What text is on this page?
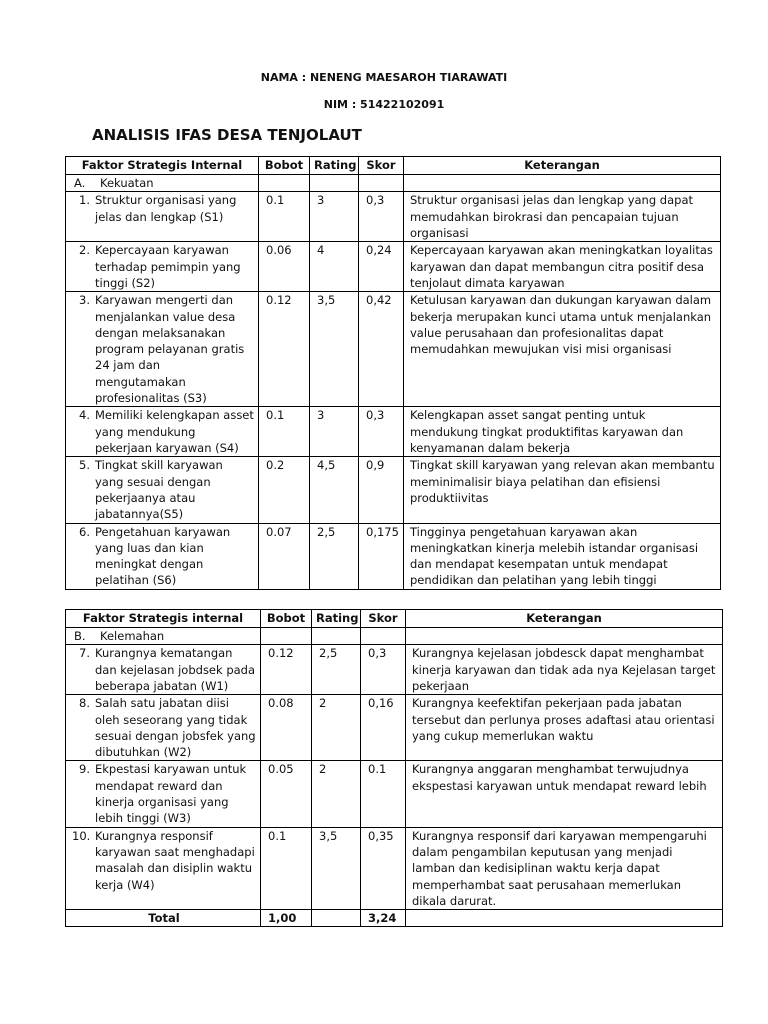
NAMA : NENENG MAESAROH TIARAWATI
NIM : 51422102091
ANALISIS IFAS DESA TENJOLAUT
Faktor Strategis Internal	Bobot	Rating	Skor	Keterangan
A. Kekuatan				

1. Struktur organisasi yang jelas dan lengkap (S1)	0.1	3	0,3	Struktur organisasi jelas dan lengkap yang dapat memudahkan birokrasi dan pencapaian tujuan organisasi

2. Kepercayaan karyawan terhadap pemimpin yang tinggi (S2)	0.06	4	0,24	Kepercayaan karyawan akan meningkatkan loyalitas karyawan dan dapat membangun citra positif desa tenjolaut dimata karyawan

3. Karyawan mengerti dan menjalankan value desa dengan melaksanakan program pelayanan gratis 24 jam dan mengutamakan profesionalitas (S3)	0.12	3,5	0,42	Ketulusan karyawan dan dukungan karyawan dalam bekerja merupakan kunci utama untuk menjalankan value perusahaan dan profesionalitas dapat memudahkan mewujukan visi misi organisasi

4. Memiliki kelengkapan asset yang mendukung pekerjaan karyawan (S4)	0.1	3	0,3	Kelengkapan asset sangat penting untuk mendukung tingkat produktifitas karyawan dan kenyamanan dalam bekerja

5. Tingkat skill karyawan yang sesuai dengan pekerjaanya atau jabatannya(S5)	0.2	4,5	0,9	Tingkat skill karyawan yang relevan akan membantu meminimalisir biaya pelatihan dan efisiensi produktiivitas

6. Pengetahuan karyawan yang luas dan kian meningkat dengan pelatihan (S6)	0.07	2,5	0,175	Tingginya pengetahuan karyawan akan meningkatkan kinerja melebih istandar organisasi dan mendapat kesempatan untuk mendapat pendidikan dan pelatihan yang lebih tinggi
Faktor Strategis internal	Bobot	Rating	Skor	Keterangan
B. Kelemahan				

7. Kurangnya kematangan dan kejelasan jobdsek pada beberapa jabatan (W1)	0.12	2,5	0,3	Kurangnya kejelasan jobdesck dapat menghambat kinerja karyawan dan tidak ada nya Kejelasan target pekerjaan

8. Salah satu jabatan diisi oleh seseorang yang tidak sesuai dengan jobsfek yang dibutuhkan (W2)	0.08	2	0,16	Kurangnya keefektifan pekerjaan pada jabatan tersebut dan perlunya proses adaftasi atau orientasi yang cukup memerlukan waktu

9. Ekpestasi karyawan untuk mendapat reward dan kinerja organisasi yang lebih tinggi (W3)	0.05	2	0.1	Kurangnya anggaran menghambat terwujudnya ekspestasi karyawan untuk mendapat reward lebih

10. Kurangnya responsif karyawan saat menghadapi masalah dan disiplin waktu kerja (W4)	0.1	3,5	0,35	Kurangnya responsif dari karyawan mempengaruhi dalam pengambilan keputusan yang menjadi lamban dan kedisiplinan waktu kerja dapat memperhambat saat perusahaan memerlukan dikala darurat.
Total	1,00		3,24	
